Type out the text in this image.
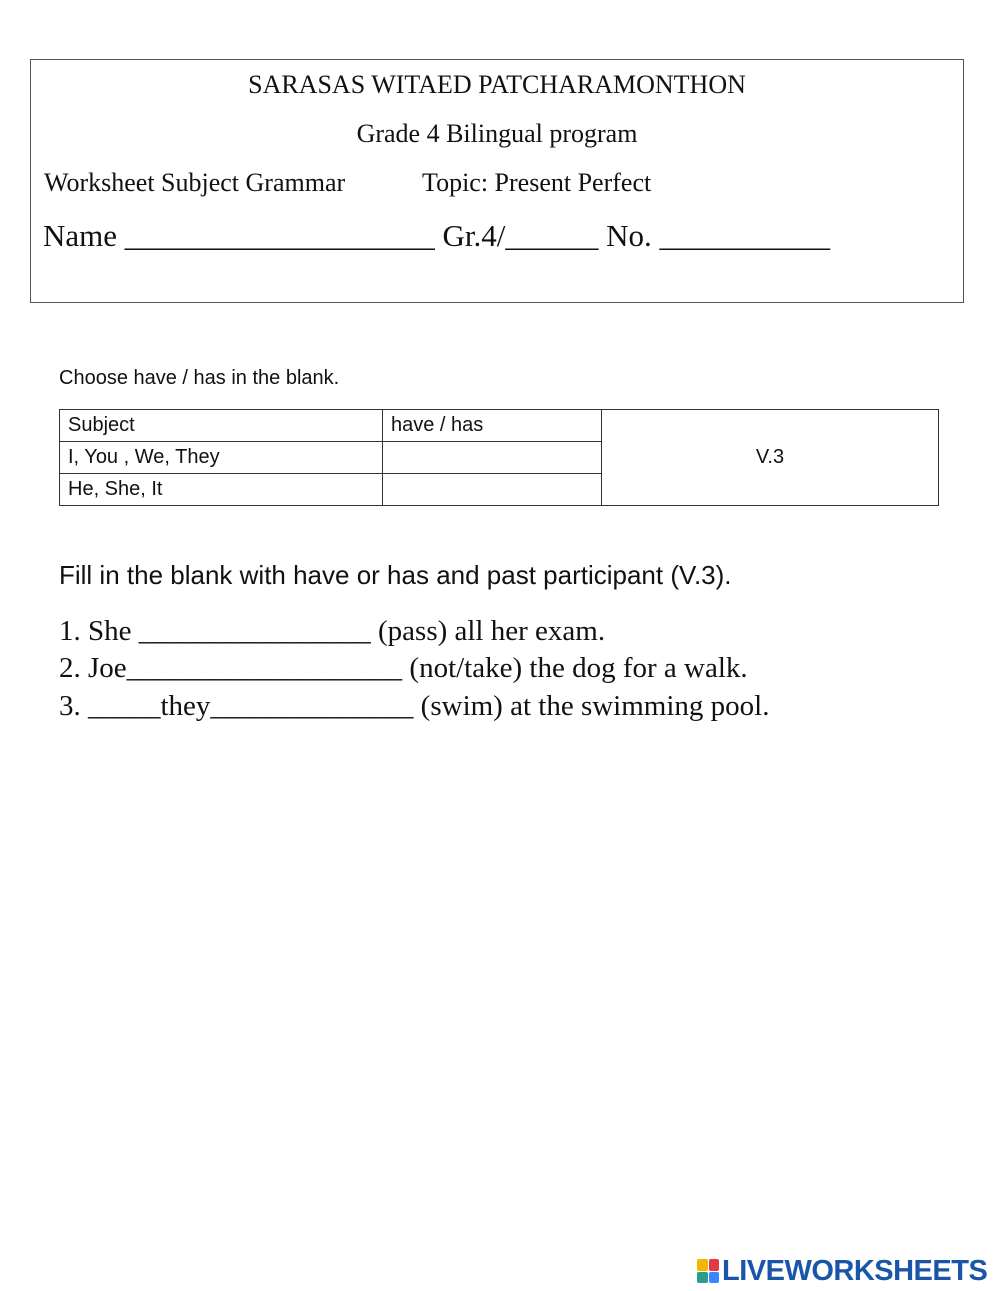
SARASAS WITAED PATCHARAMONTHON
Grade 4 Bilingual program
Worksheet Subject Grammar	Topic: Present Perfect
Name ____________________ Gr.4/______ No. ___________
Choose have / has in the blank.
Subject	have / has	V.3
I, You , We, They		
He, She, It		
Fill in the blank with have or has and past participant (V.3).
1. She ________________ (pass) all her exam.
2. Joe___________________ (not/take) the dog for a walk.
3. _____they______________ (swim) at the swimming pool.
LIVEWORKSHEETS
